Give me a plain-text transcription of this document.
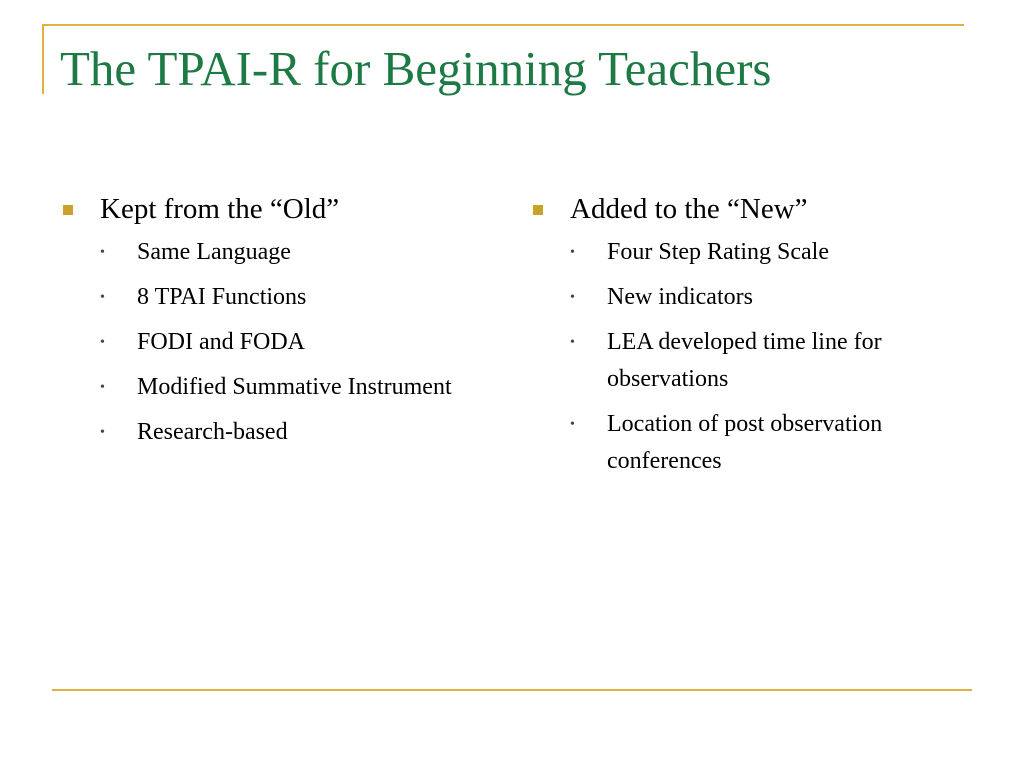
The TPAI-R for Beginning Teachers
Kept from the “Old”
• Same Language
• 8 TPAI Functions
• FODI and FODA
• Modified Summative Instrument
• Research-based
Added to the “New”
• Four Step Rating Scale
• New indicators
• LEA developed time line for observations
• Location of post observation conferences
